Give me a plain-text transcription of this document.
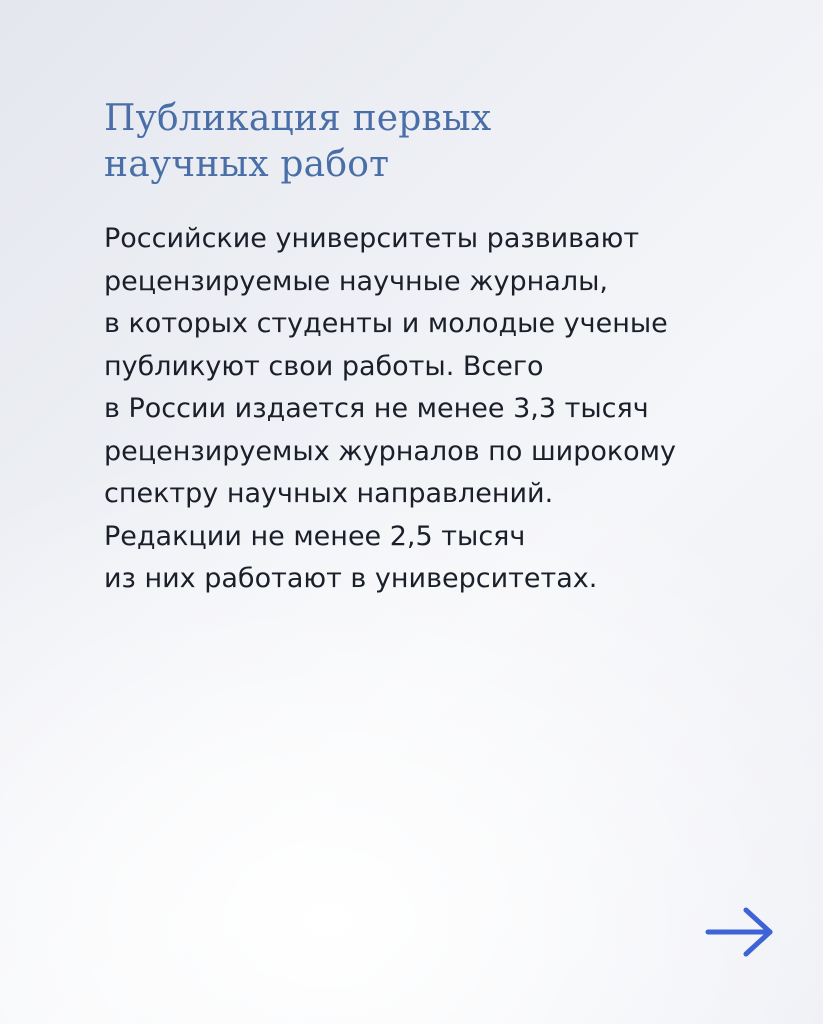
Публикация первых
научных работ

Российские университеты развивают
рецензируемые научные журналы,
в которых студенты и молодые ученые
публикуют свои работы. Всего
в России издается не менее 3,3 тысяч
рецензируемых журналов по широкому
спектру научных направлений.
Редакции не менее 2,5 тысяч
из них работают в университетах.
